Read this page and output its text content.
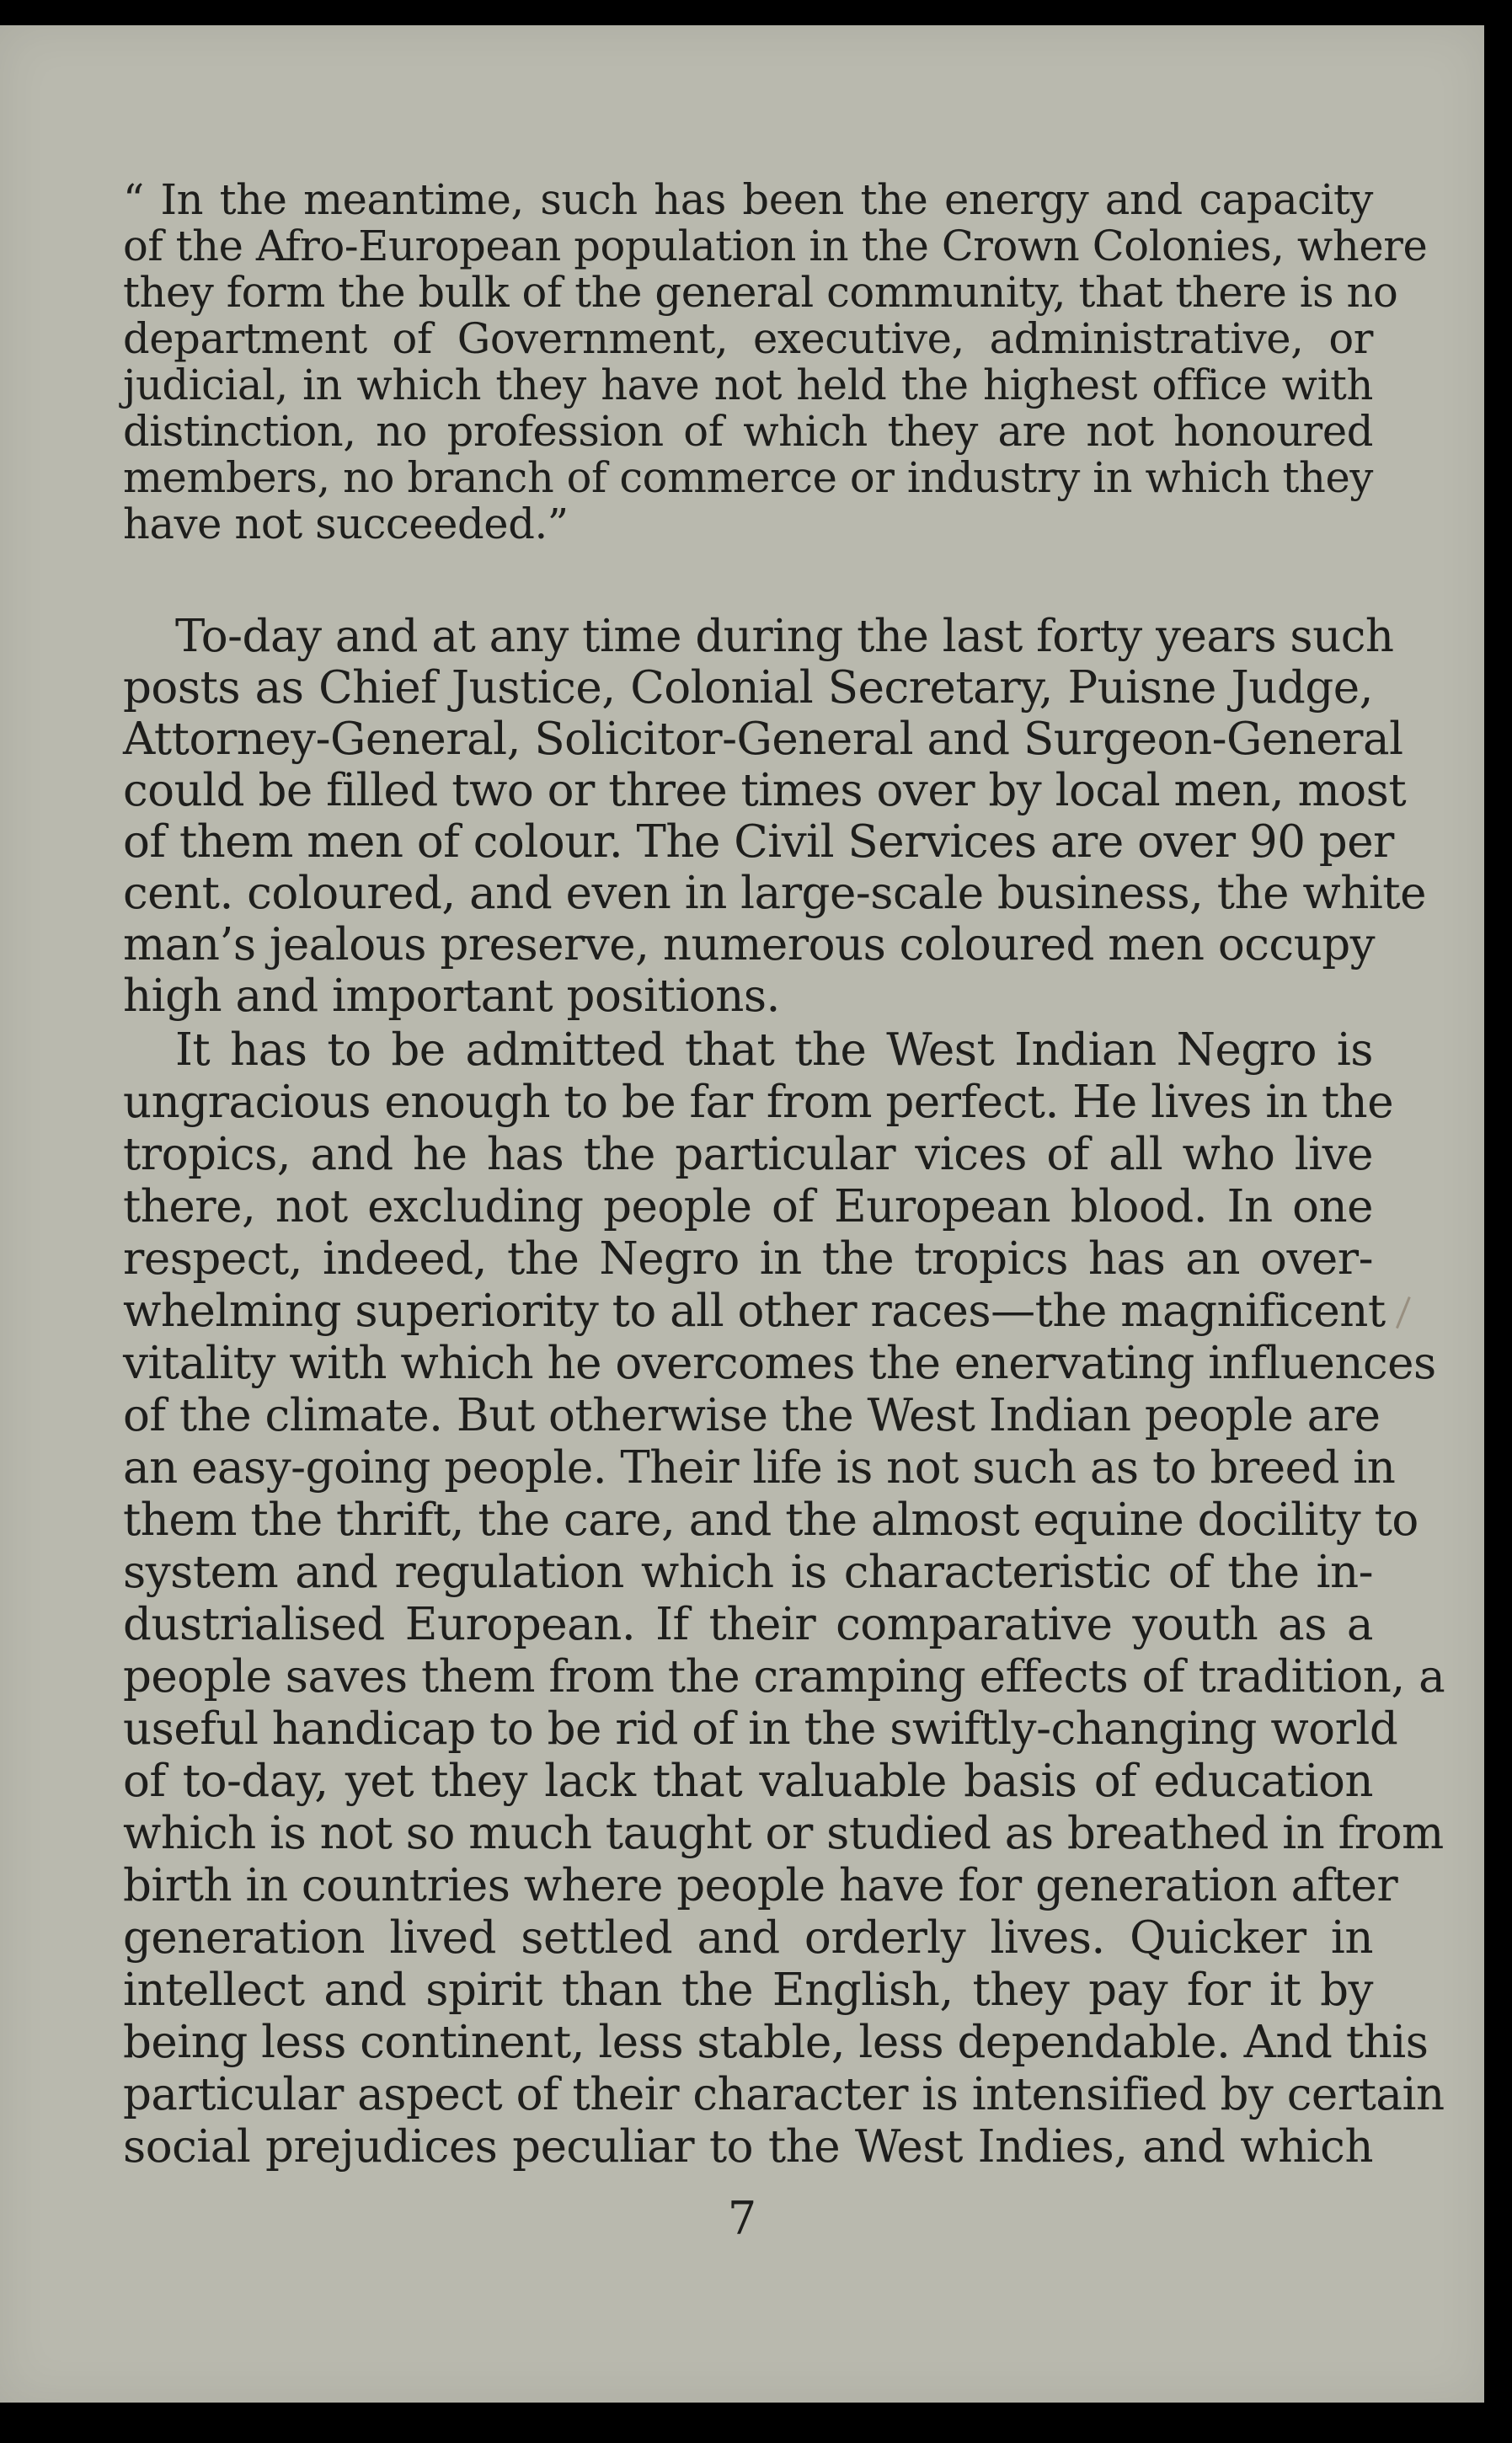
“ In the meantime, such has been the energy and capacity
of the Afro-European population in the Crown Colonies, where
they form the bulk of the general community, that there is no
department of Government, executive, administrative, or
judicial, in which they have not held the highest office with
distinction, no profession of which they are not honoured
members, no branch of commerce or industry in which they
have not succeeded.”
To-day and at any time during the last forty years such
posts as Chief Justice, Colonial Secretary, Puisne Judge,
Attorney-General, Solicitor-General and Surgeon-General
could be filled two or three times over by local men, most
of them men of colour. The Civil Services are over 90 per
cent. coloured, and even in large-scale business, the white
man’s jealous preserve, numerous coloured men occupy
high and important positions.
It has to be admitted that the West Indian Negro is
ungracious enough to be far from perfect. He lives in the
tropics, and he has the particular vices of all who live
there, not excluding people of European blood. In one
respect, indeed, the Negro in the tropics has an over-
whelming superiority to all other races—the magnificent
vitality with which he overcomes the enervating influences
of the climate. But otherwise the West Indian people are
an easy-going people. Their life is not such as to breed in
them the thrift, the care, and the almost equine docility to
system and regulation which is characteristic of the in-
dustrialised European. If their comparative youth as a
people saves them from the cramping effects of tradition, a
useful handicap to be rid of in the swiftly-changing world
of to-day, yet they lack that valuable basis of education
which is not so much taught or studied as breathed in from
birth in countries where people have for generation after
generation lived settled and orderly lives. Quicker in
intellect and spirit than the English, they pay for it by
being less continent, less stable, less dependable. And this
particular aspect of their character is intensified by certain
social prejudices peculiar to the West Indies, and which
7
